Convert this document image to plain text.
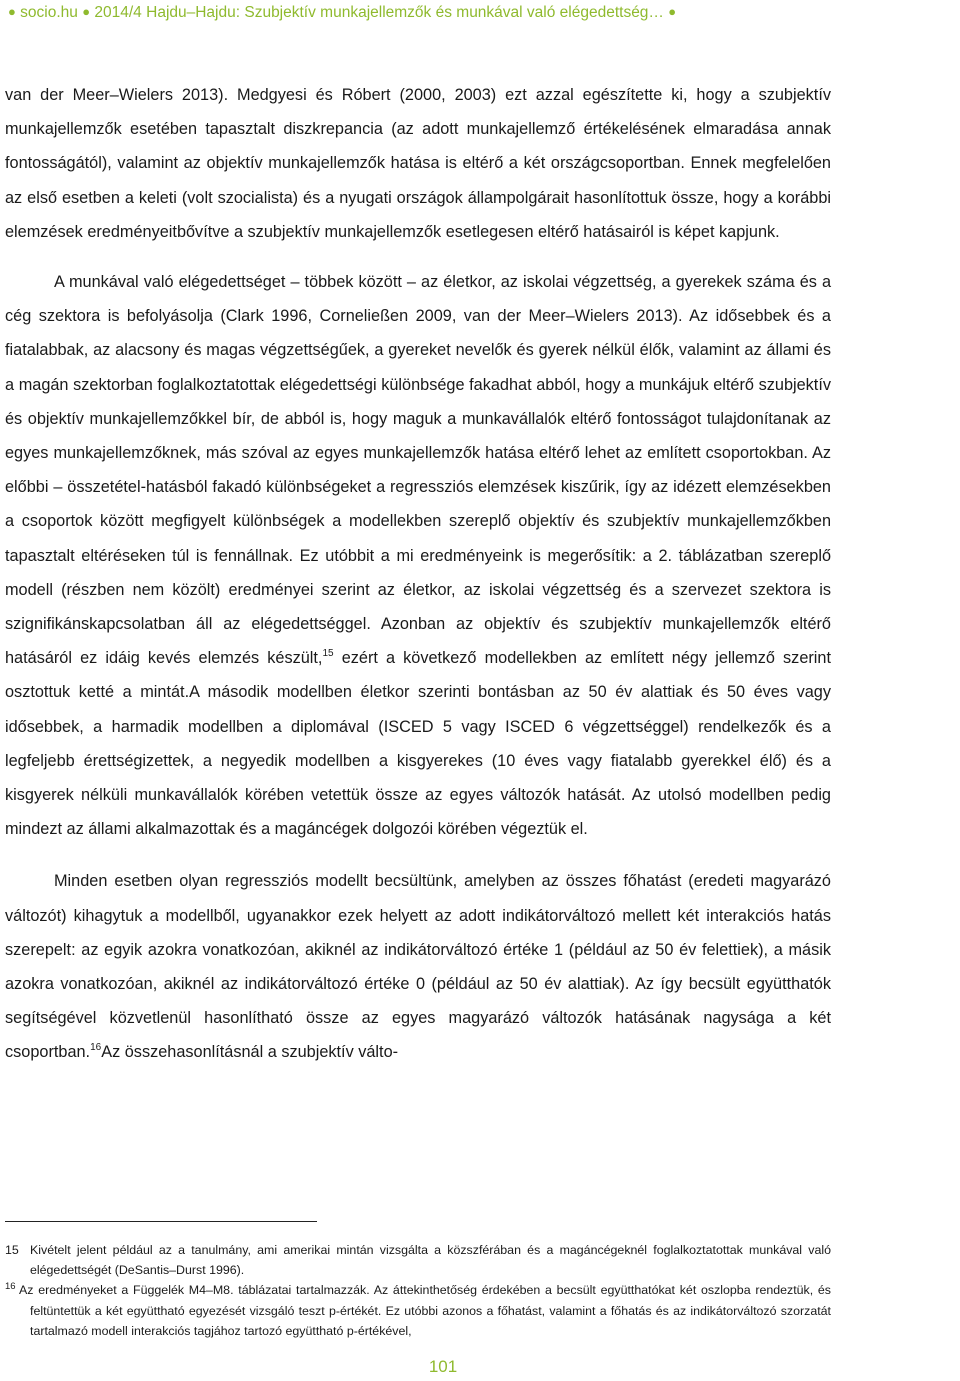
● socio.hu ● 2014/4 Hajdu–Hajdu: Szubjektív munkajellemzők és munkával való elégedettség… ●

van der Meer–Wielers 2013). Medgyesi és Róbert (2000, 2003) ezt azzal egészítette ki, hogy a szubjektív munkajellemzők esetében tapasztalt diszkrepancia (az adott munkajellemző értékelésének elmaradása annak fontosságától), valamint az objektív munkajellemzők hatása is eltérő a két országcsoportban. Ennek megfelelően az első esetben a keleti (volt szocialista) és a nyugati országok állampolgárait hasonlítottuk össze, hogy a korábbi elemzések eredményeitbővítve a szubjektív munkajellemzők esetlegesen eltérő hatásairól is képet kapjunk.

A munkával való elégedettséget – többek között – az életkor, az iskolai végzettség, a gyerekek száma és a cég szektora is befolyásolja (Clark 1996, Corneließen 2009, van der Meer–Wielers 2013). Az idősebbek és a fiatalabbak, az alacsony és magas végzettségűek, a gyereket nevelők és gyerek nélkül élők, valamint az állami és a magán szektorban foglalkoztatottak elégedettségi különbsége fakadhat abból, hogy a munkájuk eltérő szubjektív és objektív munkajellemzőkkel bír, de abból is, hogy maguk a munkavállalók eltérő fontosságot tulajdonítanak az egyes munkajellemzőknek, más szóval az egyes munkajellemzők hatása eltérő lehet az említett csoportokban. Az előbbi – összetétel-hatásból fakadó különbségeket a regressziós elemzések kiszűrik, így az idézett elemzésekben a csoportok között megfigyelt különbségek a modellekben szereplő objektív és szubjektív munkajellemzőkben tapasztalt eltéréseken túl is fennállnak. Ez utóbbit a mi eredményeink is megerősítik: a 2. táblázatban szereplő modell (részben nem közölt) eredményei szerint az életkor, az iskolai végzettség és a szervezet szektora is szignifikánskapcsolatban áll az elégedettséggel. Azonban az objektív és szubjektív munkajellemzők eltérő hatásáról ez idáig kevés elemzés készült,$^{15}$ ezért a következő modellekben az említett négy jellemző szerint osztottuk ketté a mintát.A második modellben életkor szerinti bontásban az 50 év alattiak és 50 éves vagy idősebbek, a harmadik modellben a diplomával (ISCED 5 vagy ISCED 6 végzettséggel) rendelkezők és a legfeljebb érettségizettek, a negyedik modellben a kisgyerekes (10 éves vagy fiatalabb gyerekkel élő) és a kisgyerek nélküli munkavállalók körében vetettük össze az egyes változók hatását. Az utolsó modellben pedig mindezt az állami alkalmazottak és a magáncégek dolgozói körében végeztük el.

Minden esetben olyan regressziós modellt becsültünk, amelyben az összes főhatást (eredeti magyarázó változót) kihagytuk a modellből, ugyanakkor ezek helyett az adott indikátorváltozó mellett két interakciós hatás szerepelt: az egyik azokra vonatkozóan, akiknél az indikátorváltozó értéke 1 (például az 50 év felettiek), a másik azokra vonatkozóan, akiknél az indikátorváltozó értéke 0 (például az 50 év alattiak). Az így becsült együtthatók segítségével közvetlenül hasonlítható össze az egyes magyarázó változók hatásának nagysága a két csoportban.$^{16}$Az összehasonlításnál a szubjektív válto-

15 Kivételt jelent például az a tanulmány, ami amerikai mintán vizsgálta a közszférában és a magáncégeknél foglalkoztatottak munkával való elégedettségét (DeSantis–Durst 1996).

16 Az eredményeket a Függelék M4–M8. táblázatai tartalmazzák. Az áttekinthetőség érdekében a becsült együtthatókat két oszlopba rendeztük, és feltüntettük a két együttható egyezését vizsgáló teszt p-értékét. Ez utóbbi azonos a főhatást, valamint a főhatás és az indikátorváltozó szorzatát tartalmazó modell interakciós tagjához tartozó együttható p-értékével,

101
